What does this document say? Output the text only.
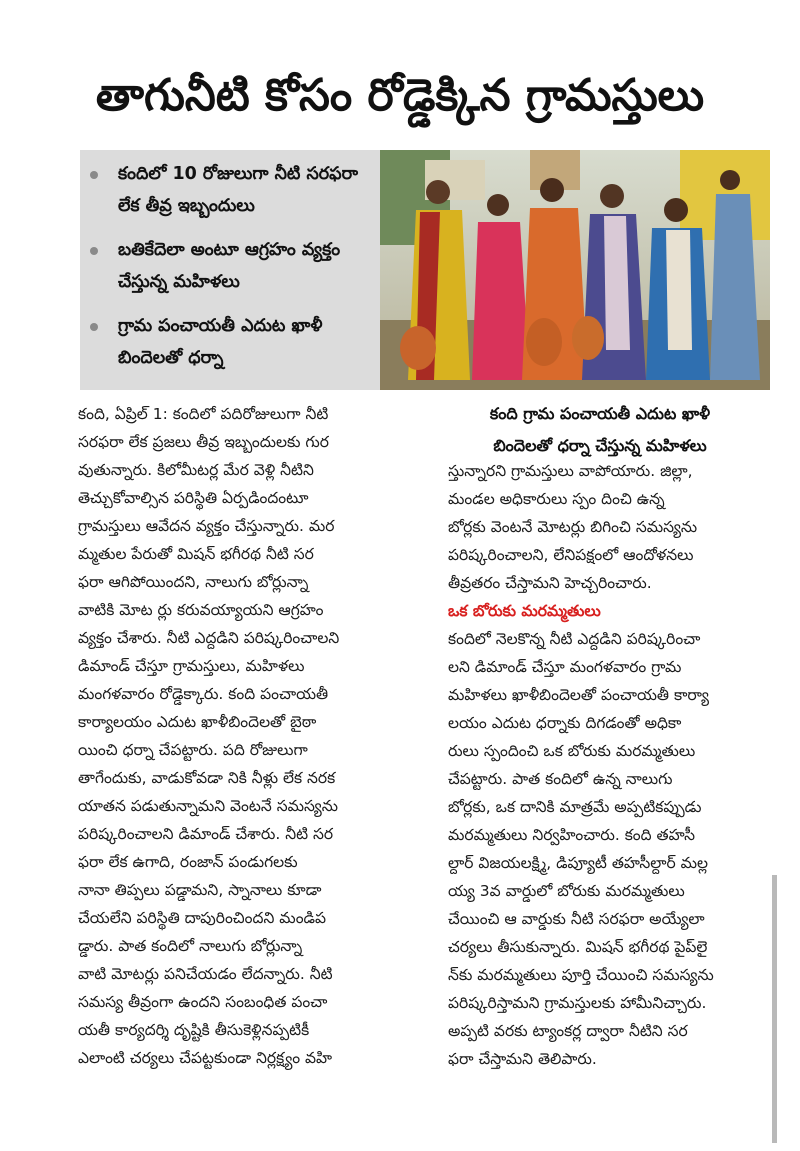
తాగునీటి కోసం రోడ్డెక్కిన గ్రామస్తులు
కందిలో 10 రోజులుగా నీటి సరఫరా లేక తీవ్ర ఇబ్బందులు
బతికేదెలా అంటూ ఆగ్రహం వ్యక్తం చేస్తున్న మహిళలు
గ్రామ పంచాయతీ ఎదుట ఖాళీ బిందెలతో ధర్నా
కంది గ్రామ పంచాయతీ ఎదుట ఖాళీ
బిందెలతో ధర్నా చేస్తున్న మహిళలు
కంది, ఏప్రిల్ 1: కందిలో పదిరోజులుగా నీటి
సరఫరా లేక ప్రజలు తీవ్ర ఇబ్బందులకు గుర
వుతున్నారు. కిలోమీటర్ల మేర వెళ్లి నీటిని
తెచ్చుకోవాల్సిన పరిస్థితి ఏర్పడిందంటూ
గ్రామస్తులు ఆవేదన వ్యక్తం చేస్తున్నారు. మర
మ్మతుల పేరుతో మిషన్ భగీరథ నీటి సర
ఫరా ఆగిపోయిందని, నాలుగు బోర్లున్నా
వాటికి మోట ర్లు కరువయ్యాయని ఆగ్రహం
వ్యక్తం చేశారు. నీటి ఎద్దడిని పరిష్కరించాలని
డిమాండ్ చేస్తూ గ్రామస్తులు, మహిళలు
మంగళవారం రోడ్డెక్కారు. కంది పంచాయతీ
కార్యాలయం ఎదుట ఖాళీబిందెలతో బైఠా
యించి ధర్నా చేపట్టారు. పది రోజులుగా
తాగేందుకు, వాడుకోవడా నికి నీళ్లు లేక నరక
యాతన పడుతున్నామని వెంటనే సమస్యను
పరిష్కరించాలని డిమాండ్ చేశారు. నీటి సర
ఫరా లేక ఉగాది, రంజాన్ పండుగలకు
నానా తిప్పలు పడ్డామని, స్నానాలు కూడా
చేయలేని పరిస్థితి దాపురించిందని మండిప
డ్డారు. పాత కందిలో నాలుగు బోర్లున్నా
వాటి మోటర్లు పనిచేయడం లేదన్నారు. నీటి
సమస్య తీవ్రంగా ఉందని సంబంధిత పంచా
యతీ కార్యదర్శి దృష్టికి తీసుకెళ్లినప్పటికీ
ఎలాంటి చర్యలు చేపట్టకుండా నిర్లక్ష్యం వహి
స్తున్నారని గ్రామస్తులు వాపోయారు. జిల్లా,
మండల అధికారులు స్పం దించి ఉన్న
బోర్లకు వెంటనే మోటర్లు బిగించి సమస్యను
పరిష్కరించాలని, లేనిపక్షంలో ఆందోళనలు
తీవ్రతరం చేస్తామని హెచ్చరించారు.
ఒక బోరుకు మరమ్మతులు
కందిలో నెలకొన్న నీటి ఎద్దడిని పరిష్కరించా
లని డిమాండ్ చేస్తూ మంగళవారం గ్రామ
మహిళలు ఖాళీబిందెలతో పంచాయతీ కార్యా
లయం ఎదుట ధర్నాకు దిగడంతో అధికా
రులు స్పందించి ఒక బోరుకు మరమ్మతులు
చేపట్టారు. పాత కందిలో ఉన్న నాలుగు
బోర్లకు, ఒక దానికి మాత్రమే అప్పటికప్పుడు
మరమ్మతులు నిర్వహించారు. కంది తహసీ
ల్దార్ విజయలక్ష్మి, డిప్యూటీ తహసీల్దార్ మల్ల
య్య 3వ వార్డులో బోరుకు మరమ్మతులు
చేయించి ఆ వార్డుకు నీటి సరఫరా అయ్యేలా
చర్యలు తీసుకున్నారు. మిషన్ భగీరథ పైప్‌లై
న్‌కు మరమ్మతులు పూర్తి చేయించి సమస్యను
పరిష్కరిస్తామని గ్రామస్తులకు హామీనిచ్చారు.
అప్పటి వరకు ట్యాంకర్ల ద్వారా నీటిని సర
ఫరా చేస్తామని తెలిపారు.
